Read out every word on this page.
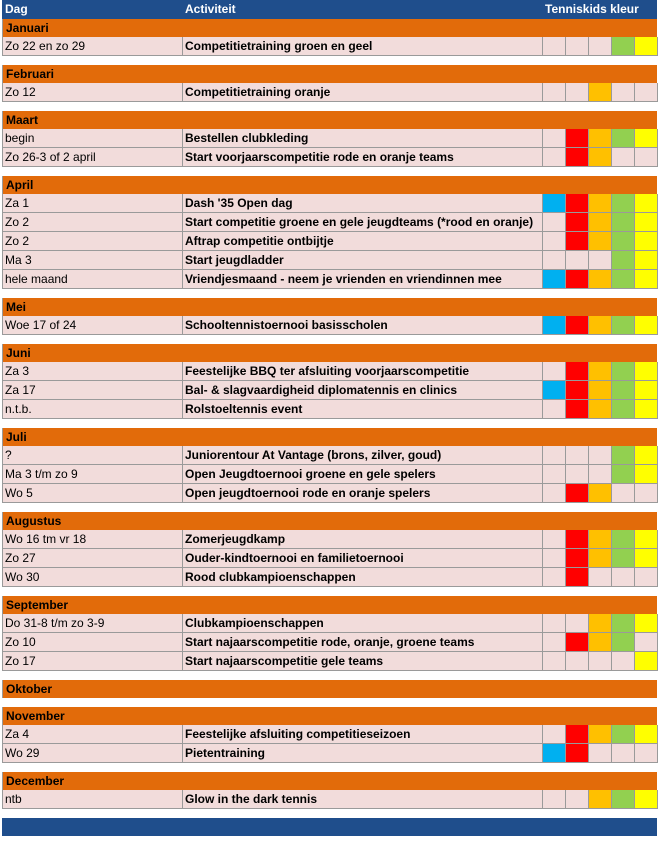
Dag	Activiteit	Tenniskids kleur
Januari
Zo 22 en zo 29	Competitietraining groen en geel
Februari
Zo 12	Competitietraining oranje
Maart
begin	Bestellen clubkleding
Zo 26-3 of 2 april	Start voorjaarscompetitie rode en oranje teams
April
Za 1	Dash '35 Open dag
Zo 2	Start competitie groene en gele jeugdteams (*rood en oranje)
Zo 2	Aftrap competitie ontbijtje
Ma 3	Start jeugdladder
hele maand	Vriendjesmaand - neem je vrienden en vriendinnen mee
Mei
Woe 17 of 24	Schooltennistoernooi basisscholen
Juni
Za 3	Feestelijke BBQ ter afsluiting voorjaarscompetitie
Za 17	Bal- & slagvaardigheid diplomatennis en clinics
n.t.b.	Rolstoeltennis event
Juli
?	Juniorentour At Vantage (brons, zilver, goud)
Ma 3 t/m zo 9	Open Jeugdtoernooi groene en gele spelers
Wo 5	Open jeugdtoernooi rode en oranje spelers
Augustus
Wo 16 tm vr 18	Zomerjeugdkamp
Zo 27	Ouder-kindtoernooi en familietoernooi
Wo 30	Rood clubkampioenschappen
September
Do 31-8 t/m zo 3-9	Clubkampioenschappen
Zo 10	Start najaarscompetitie rode, oranje, groene teams
Zo 17	Start najaarscompetitie gele teams
Oktober
November
Za 4	Feestelijke afsluiting competitieseizoen
Wo 29	Pietentraining
December
ntb	Glow in the dark tennis
